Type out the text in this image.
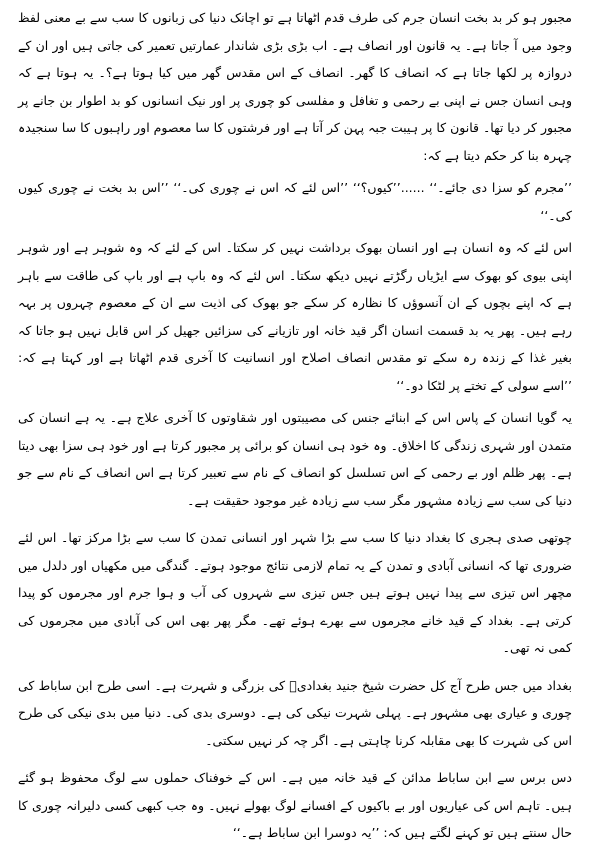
مجبور ہو کر بد بخت انسان جرم کی طرف قدم اٹھاتا ہے تو اچانک دنیا کی زبانوں کا سب سے بے معنی لفظ وجود میں آ جاتا ہے۔ یہ قانون اور انصاف ہے۔ اب بڑی بڑی شاندار عمارتیں تعمیر کی جاتی ہیں اور ان کے دروازہ پر لکھا جاتا ہے کہ انصاف کا گھر۔ انصاف کے اس مقدس گھر میں کیا ہوتا ہے؟۔ یہ ہوتا ہے کہ وہی انسان جس نے اپنی بے رحمی و تغافل و مفلسی کو چوری پر اور نیک انسانوں کو بد اطوار بن جانے پر مجبور کر دیا تھا۔ قانون کا پر ہیبت جبہ پہن کر آتا ہے اور فرشتوں کا سا معصوم اور راہبوں کا سا سنجیدہ چہرہ بنا کر حکم دیتا ہے کہ:

’’مجرم کو سزا دی جائے۔‘‘ ......’’کیوں؟‘‘ ’’اس لئے کہ اس نے چوری کی۔‘‘ ’’اس بد بخت نے چوری کیوں کی۔‘‘

اس لئے کہ وہ انسان ہے اور انسان بھوک برداشت نہیں کر سکتا۔ اس کے لئے کہ وہ شوہر ہے اور شوہر اپنی بیوی کو بھوک سے ایڑیاں رگڑتے نہیں دیکھ سکتا۔ اس لئے کہ وہ باپ ہے اور باپ کی طاقت سے باہر ہے کہ اپنے بچوں کے ان آنسوؤں کا نظارہ کر سکے جو بھوک کی اذیت سے ان کے معصوم چہروں پر بہہ رہے ہیں۔ پھر یہ بد قسمت انسان اگر قید خانہ اور تازیانے کی سزائیں جھیل کر اس قابل نہیں ہو جاتا کہ بغیر غذا کے زندہ رہ سکے تو مقدس انصاف اصلاح اور انسانیت کا آخری قدم اٹھاتا ہے اور کہتا ہے کہ: ’’اسے سولی کے تختے پر لٹکا دو۔‘‘

یہ گویا انسان کے پاس اس کے ابنائے جنس کی مصیبتوں اور شقاوتوں کا آخری علاج ہے۔ یہ ہے انسان کی متمدن اور شہری زندگی کا اخلاق۔ وہ خود ہی انسان کو برائی پر مجبور کرتا ہے اور خود ہی سزا بھی دیتا ہے۔ پھر ظلم اور بے رحمی کے اس تسلسل کو انصاف کے نام سے تعبیر کرتا ہے اس انصاف کے نام سے جو دنیا کی سب سے زیادہ مشہور مگر سب سے زیادہ غیر موجود حقیقت ہے۔

چوتھی صدی ہجری کا بغداد دنیا کا سب سے بڑا شہر اور انسانی تمدن کا سب سے بڑا مرکز تھا۔ اس لئے ضروری تھا کہ انسانی آبادی و تمدن کے یہ تمام لازمی نتائج موجود ہوتے۔ گندگی میں مکھیاں اور دلدل میں مچھر اس تیزی سے پیدا نہیں ہوتے ہیں جس تیزی سے شہروں کی آب و ہوا جرم اور مجرموں کو پیدا کرتی ہے۔ بغداد کے قید خانے مجرموں سے بھرے ہوئے تھے۔ مگر پھر بھی اس کی آبادی میں مجرموں کی کمی نہ تھی۔

بغداد میں جس طرح آج کل حضرت شیخ جنید بغدادیؒ کی بزرگی و شہرت ہے۔ اسی طرح ابن ساباط کی چوری و عیاری بھی مشہور ہے۔ پہلی شہرت نیکی کی ہے۔ دوسری بدی کی۔ دنیا میں بدی نیکی کی طرح اس کی شہرت کا بھی مقابلہ کرنا چاہتی ہے۔ اگر چہ کر نہیں سکتی۔

دس برس سے ابن ساباط مدائن کے قید خانہ میں ہے۔ اس کے خوفناک حملوں سے لوگ محفوظ ہو گئے ہیں۔ تاہم اس کی عیاریوں اور بے باکیوں کے افسانے لوگ بھولے نہیں۔ وہ جب کبھی کسی دلیرانہ چوری کا حال سنتے ہیں تو کہنے لگتے ہیں کہ: ’’یہ دوسرا ابن ساباط ہے۔‘‘
